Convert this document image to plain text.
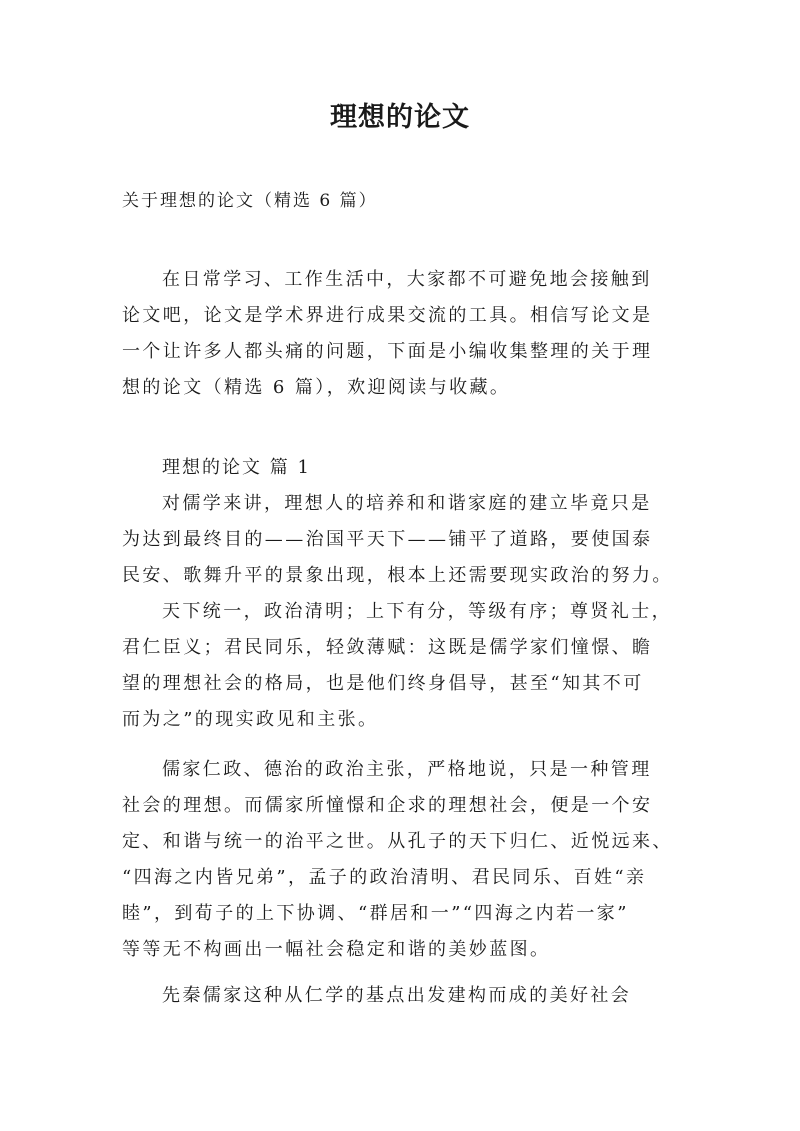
理想的论文
关于理想的论文（精选 6 篇）
在日常学习、工作生活中，大家都不可避免地会接触到
论文吧，论文是学术界进行成果交流的工具。相信写论文是
一个让许多人都头痛的问题，下面是小编收集整理的关于理
想的论文（精选 6 篇），欢迎阅读与收藏。
理想的论文 篇 1
对儒学来讲，理想人的培养和和谐家庭的建立毕竟只是
为达到最终目的——治国平天下——铺平了道路，要使国泰
民安、歌舞升平的景象出现，根本上还需要现实政治的努力。
天下统一，政治清明；上下有分，等级有序；尊贤礼士，
君仁臣义；君民同乐，轻敛薄赋：这既是儒学家们憧憬、瞻
望的理想社会的格局，也是他们终身倡导，甚至“知其不可
而为之”的现实政见和主张。
儒家仁政、德治的政治主张，严格地说，只是一种管理
社会的理想。而儒家所憧憬和企求的理想社会，便是一个安
定、和谐与统一的治平之世。从孔子的天下归仁、近悦远来、
“四海之内皆兄弟”，孟子的政治清明、君民同乐、百姓“亲
睦”，到荀子的上下协调、“群居和一”“四海之内若一家”
等等无不构画出一幅社会稳定和谐的美妙蓝图。
先秦儒家这种从仁学的基点出发建构而成的美好社会
